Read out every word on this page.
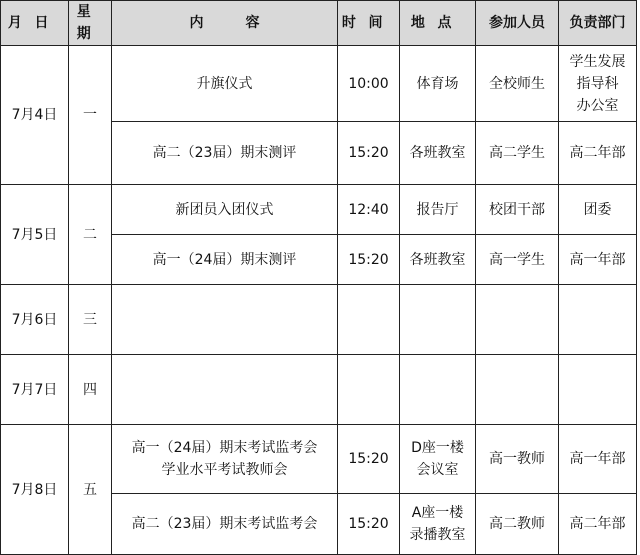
月日	星期	内容	时间	地点	参加人员	负责部门
7月4日	一	升旗仪式	10:00	体育场	全校师生	学生发展
指导科
办公室

		高二（23届）期末测评	15:20	各班教室	高二学生	高二年部

7月5日	二	新团员入团仪式	12:40	报告厅	校团干部	团委

		高一（24届）期末测评	15:20	各班教室	高一学生	高一年部

7月6日	三					
7月7日	四					
7月8日	五	高一（24届）期末考试监考会
学业水平考试教师会	15:20	D座一楼
会议室	高一教师	高一年部

		高二（23届）期末考试监考会	15:20	A座一楼
录播教室	高二教师	高二年部
